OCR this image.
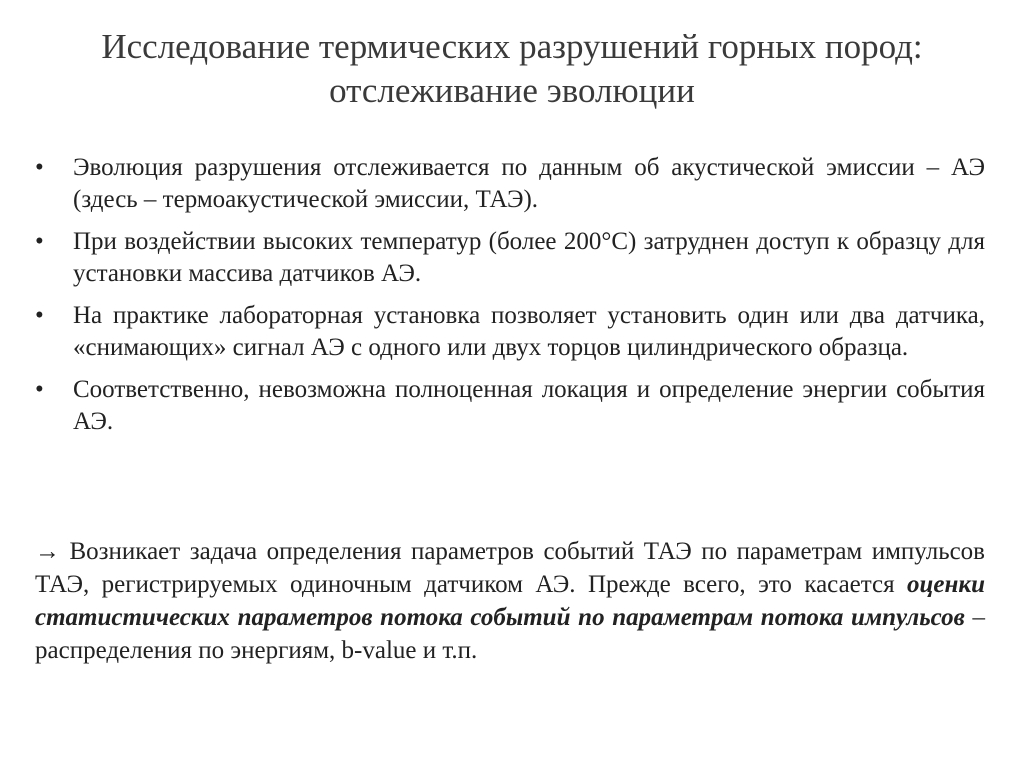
Исследование термических разрушений горных пород:
отслеживание эволюции
•	Эволюция разрушения отслеживается по данным об акустической эмиссии – АЭ (здесь – термоакустической эмиссии, ТАЭ).
•	При воздействии высоких температур (более 200°С) затруднен доступ к образцу для установки массива датчиков АЭ.
•	На практике лабораторная установка позволяет установить один или два датчика, «снимающих» сигнал АЭ с одного или двух торцов цилиндрического образца.
•	Соответственно, невозможна полноценная локация и определение энергии события АЭ.

→ Возникает задача определения параметров событий ТАЭ по параметрам импульсов ТАЭ, регистрируемых одиночным датчиком АЭ. Прежде всего, это касается оценки статистических параметров потока событий по параметрам потока импульсов – распределения по энергиям, b-value и т.п.
